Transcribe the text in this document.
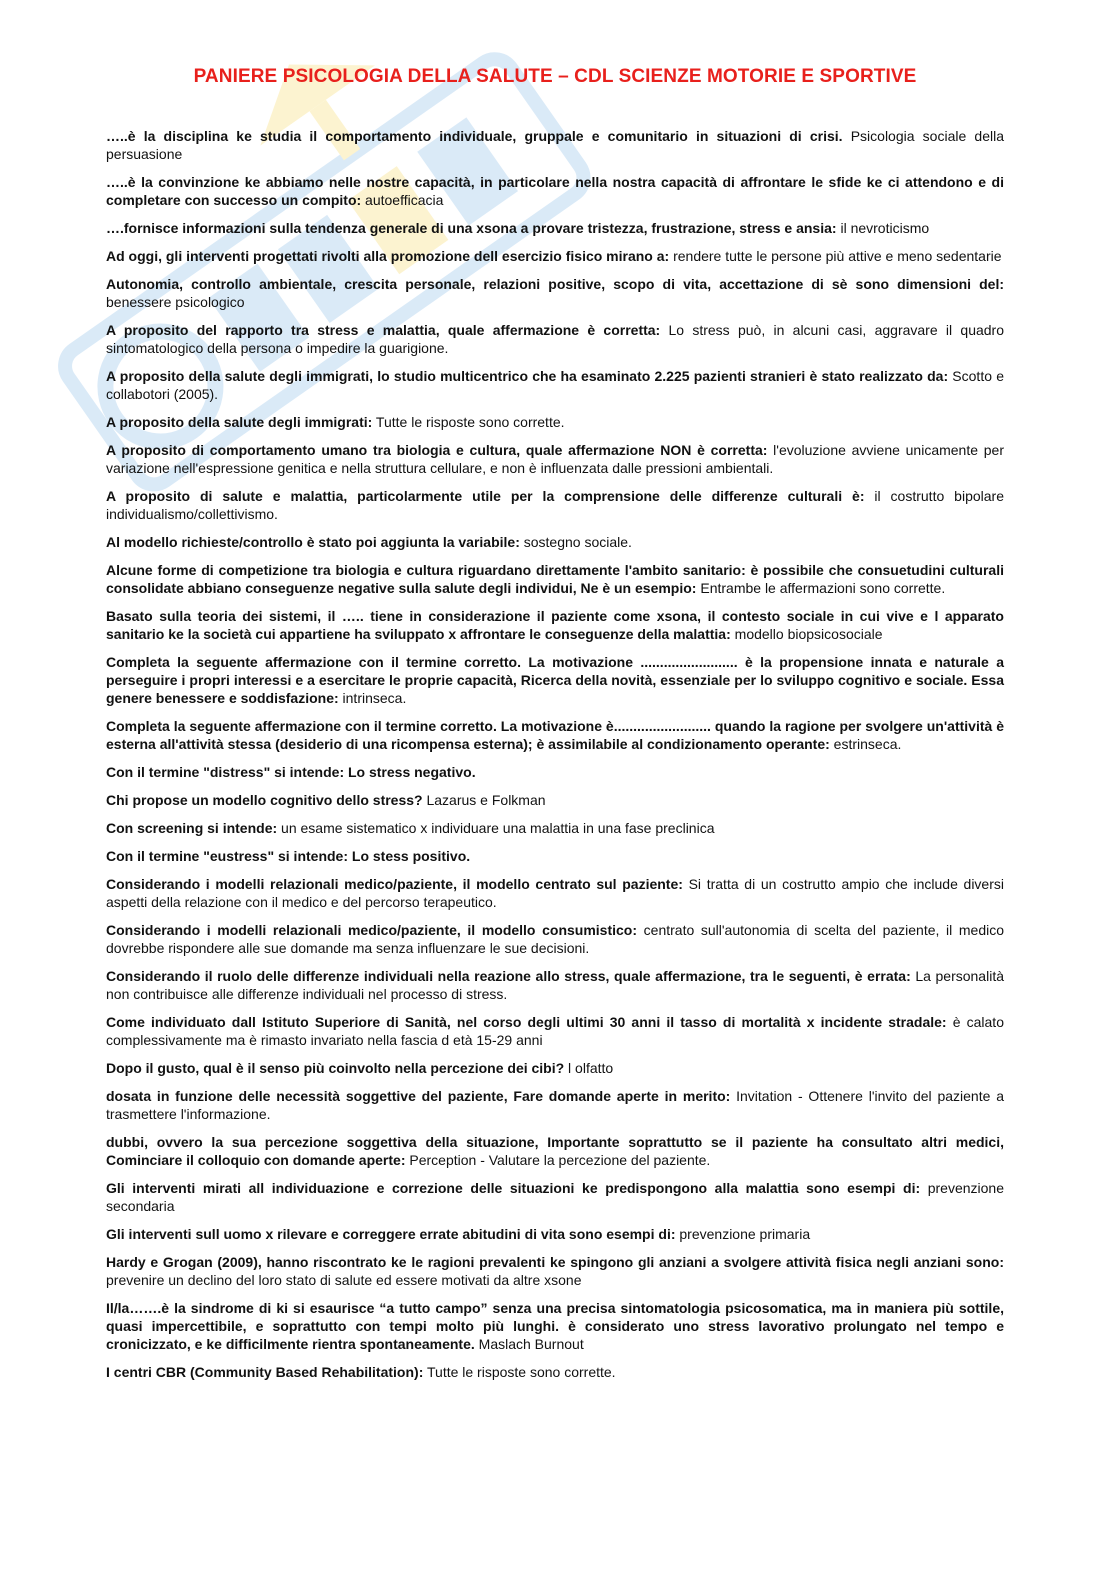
PANIERE PSICOLOGIA DELLA SALUTE – CDL SCIENZE MOTORIE E SPORTIVE

…..è la disciplina ke studia il comportamento individuale, gruppale e comunitario in situazioni di crisi. Psicologia sociale della persuasione

…..è la convinzione ke abbiamo nelle nostre capacità, in particolare nella nostra capacità di affrontare le sfide ke ci attendono e di completare con successo un compito: autoefficacia

….fornisce informazioni sulla tendenza generale di una xsona a provare tristezza, frustrazione, stress e ansia: il nevroticismo

Ad oggi, gli interventi progettati rivolti alla promozione dell esercizio fisico mirano a: rendere tutte le persone più attive e meno sedentarie

Autonomia, controllo ambientale, crescita personale, relazioni positive, scopo di vita, accettazione di sè sono dimensioni del: benessere psicologico

A proposito del rapporto tra stress e malattia, quale affermazione è corretta: Lo stress può, in alcuni casi, aggravare il quadro sintomatologico della persona o impedire la guarigione.

A proposito della salute degli immigrati, lo studio multicentrico che ha esaminato 2.225 pazienti stranieri è stato realizzato da: Scotto e collabotori (2005).

A proposito della salute degli immigrati: Tutte le risposte sono corrette.

A proposito di comportamento umano tra biologia e cultura, quale affermazione NON è corretta: l'evoluzione avviene unicamente per variazione nell'espressione genitica e nella struttura cellulare, e non è influenzata dalle pressioni ambientali.

A proposito di salute e malattia, particolarmente utile per la comprensione delle differenze culturali è: il costrutto bipolare individualismo/collettivismo.

Al modello richieste/controllo è stato poi aggiunta la variabile: sostegno sociale.

Alcune forme di competizione tra biologia e cultura riguardano direttamente l'ambito sanitario: è possibile che consuetudini culturali consolidate abbiano conseguenze negative sulla salute degli individui, Ne è un esempio: Entrambe le affermazioni sono corrette.

Basato sulla teoria dei sistemi, il ….. tiene in considerazione il paziente come xsona, il contesto sociale in cui vive e l apparato sanitario ke la società cui appartiene ha sviluppato x affrontare le conseguenze della malattia: modello biopsicosociale

Completa la seguente affermazione con il termine corretto. La motivazione ......................... è la propensione innata e naturale a perseguire i propri interessi e a esercitare le proprie capacità, Ricerca della novità, essenziale per lo sviluppo cognitivo e sociale. Essa genere benessere e soddisfazione: intrinseca.

Completa la seguente affermazione con il termine corretto. La motivazione è......................... quando la ragione per svolgere un'attività è esterna all'attività stessa (desiderio di una ricompensa esterna); è assimilabile al condizionamento operante: estrinseca.

Con il termine "distress" si intende: Lo stress negativo.

Chi propose un modello cognitivo dello stress? Lazarus e Folkman

Con screening si intende: un esame sistematico x individuare una malattia in una fase preclinica

Con il termine "eustress" si intende: Lo stess positivo.

Considerando i modelli relazionali medico/paziente, il modello centrato sul paziente: Si tratta di un costrutto ampio che include diversi aspetti della relazione con il medico e del percorso terapeutico.

Considerando i modelli relazionali medico/paziente, il modello consumistico: centrato sull'autonomia di scelta del paziente, il medico dovrebbe rispondere alle sue domande ma senza influenzare le sue decisioni.

Considerando il ruolo delle differenze individuali nella reazione allo stress, quale affermazione, tra le seguenti, è errata: La personalità non contribuisce alle differenze individuali nel processo di stress.

Come individuato dall Istituto Superiore di Sanità, nel corso degli ultimi 30 anni il tasso di mortalità x incidente stradale: è calato complessivamente ma è rimasto invariato nella fascia d età 15-29 anni

Dopo il gusto, qual è il senso più coinvolto nella percezione dei cibi? l olfatto

dosata in funzione delle necessità soggettive del paziente, Fare domande aperte in merito: Invitation - Ottenere l'invito del paziente a trasmettere l'informazione.

dubbi, ovvero la sua percezione soggettiva della situazione, Importante soprattutto se il paziente ha consultato altri medici, Cominciare il colloquio con domande aperte: Perception - Valutare la percezione del paziente.

Gli interventi mirati all individuazione e correzione delle situazioni ke predispongono alla malattia sono esempi di: prevenzione secondaria

Gli interventi sull uomo x rilevare e correggere errate abitudini di vita sono esempi di: prevenzione primaria

Hardy e Grogan (2009), hanno riscontrato ke le ragioni prevalenti ke spingono gli anziani a svolgere attività fisica negli anziani sono: prevenire un declino del loro stato di salute ed essere motivati da altre xsone

Il/la…….è la sindrome di ki si esaurisce “a tutto campo” senza una precisa sintomatologia psicosomatica, ma in maniera più sottile, quasi impercettibile, e soprattutto con tempi molto più lunghi. è considerato uno stress lavorativo prolungato nel tempo e cronicizzato, e ke difficilmente rientra spontaneamente. Maslach Burnout

I centri CBR (Community Based Rehabilitation): Tutte le risposte sono corrette.
